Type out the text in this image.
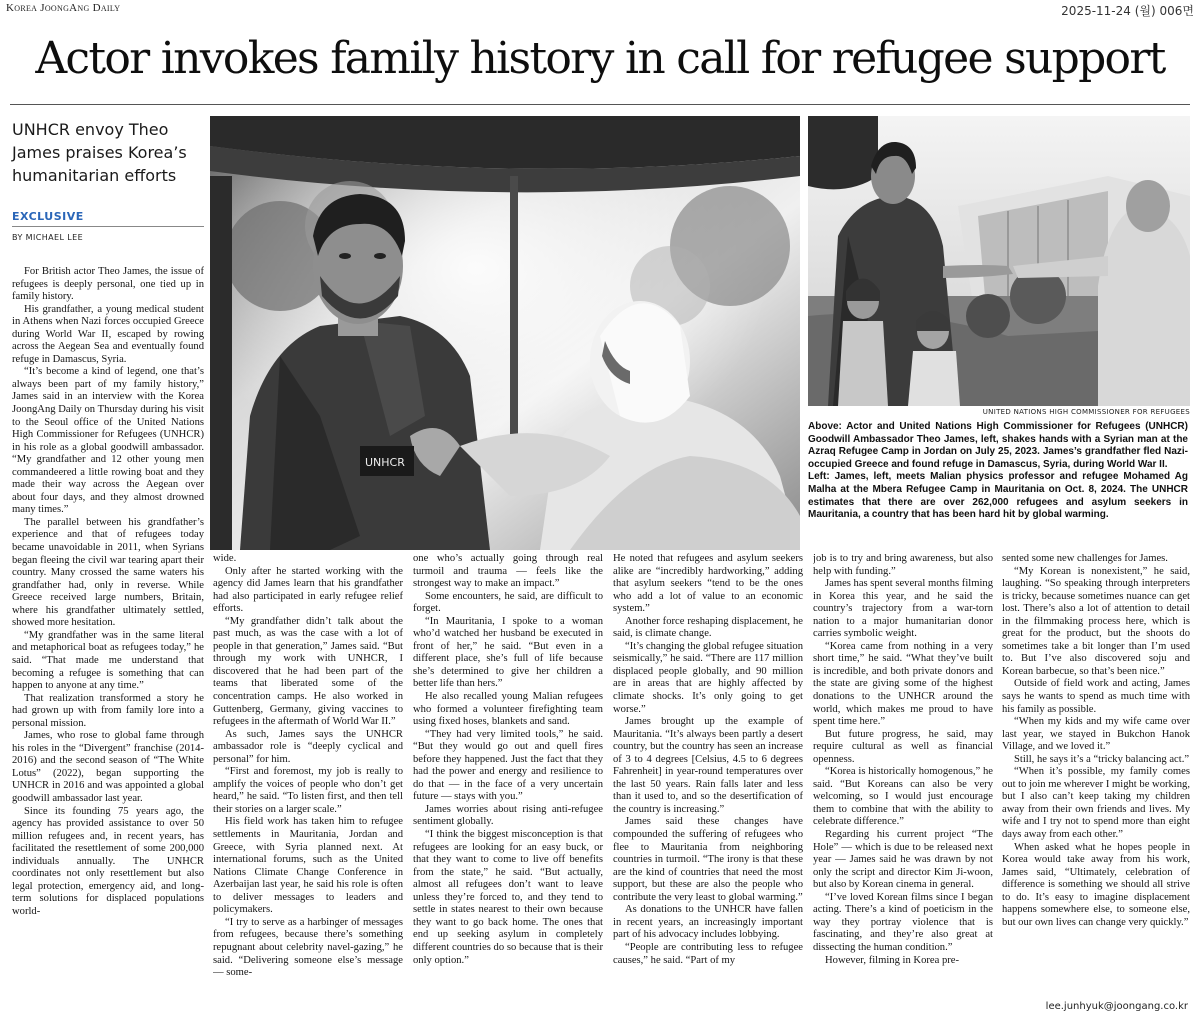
Korea JoongAng Daily	2025-11-24 (월) 006면
Actor invokes family history in call for refugee support
UNHCR envoy Theo James praises Korea’s humanitarian efforts
EXCLUSIVE
BY MICHAEL LEE

For British actor Theo James, the issue of refugees is deeply personal, one tied up in family history.

His grandfather, a young medical student in Athens when Nazi forces occupied Greece during World War II, escaped by rowing across the Aegean Sea and eventually found refuge in Damascus, Syria.

“It’s become a kind of legend, one that’s always been part of my family history,” James said in an interview with the Korea JoongAng Daily on Thursday during his visit to the Seoul office of the United Nations High Commissioner for Refugees (UNHCR) in his role as a global goodwill ambassador. “My grandfather and 12 other young men commandeered a little rowing boat and they made their way across the Aegean over about four days, and they almost drowned many times.”

The parallel between his grandfather’s experience and that of refugees today became unavoidable in 2011, when Syrians began fleeing the civil war tearing apart their country. Many crossed the same waters his grandfather had, only in reverse. While Greece received large numbers, Britain, where his grandfather ultimately settled, showed more hesitation.

“My grandfather was in the same literal and metaphorical boat as refugees today,” he said. “That made me understand that becoming a refugee is something that can happen to anyone at any time.”

That realization transformed a story he had grown up with from family lore into a personal mission.

James, who rose to global fame through his roles in the “Divergent” franchise (2014-2016) and the second season of “The White Lotus” (2022), began supporting the UNHCR in 2016 and was appointed a global goodwill ambassador last year.

Since its founding 75 years ago, the agency has provided assistance to over 50 million refugees and, in recent years, has facilitated the resettlement of some 200,000 individuals annually. The UNHCR coordinates not only resettlement but also legal protection, emergency aid, and long-term solutions for displaced populations world-

UNHCR
UNITED NATIONS HIGH COMMISSIONER FOR REFUGEES
Above: Actor and United Nations High Commissioner for Refugees (UNHCR) Goodwill Ambassador Theo James, left, shakes hands with a Syrian man at the Azraq Refugee Camp in Jordan on July 25, 2023. James’s grandfather fled Nazi-occupied Greece and found refuge in Damascus, Syria, during World War II.
Left: James, left, meets Malian physics professor and refugee Mohamed Ag Malha at the Mbera Refugee Camp in Mauritania on Oct. 8, 2024. The UNHCR estimates that there are over 262,000 refugees and asylum seekers in Mauritania, a country that has been hard hit by global warming.

wide.

Only after he started working with the agency did James learn that his grandfather had also participated in early refugee relief efforts.

“My grandfather didn’t talk about the past much, as was the case with a lot of people in that generation,” James said. “But through my work with UNHCR, I discovered that he had been part of the teams that liberated some of the concentration camps. He also worked in Guttenberg, Germany, giving vaccines to refugees in the aftermath of World War II.”

As such, James says the UNHCR ambassador role is “deeply cyclical and personal” for him.

“First and foremost, my job is really to amplify the voices of people who don’t get heard,” he said. “To listen first, and then tell their stories on a larger scale.”

His field work has taken him to refugee settlements in Mauritania, Jordan and Greece, with Syria planned next. At international forums, such as the United Nations Climate Change Conference in Azerbaijan last year, he said his role is often to deliver messages to leaders and policymakers.

“I try to serve as a harbinger of messages from refugees, because there’s something repugnant about celebrity navel-gazing,” he said. “Delivering someone else’s message — some-

one who’s actually going through real turmoil and trauma — feels like the strongest way to make an impact.”

Some encounters, he said, are difficult to forget.

“In Mauritania, I spoke to a woman who’d watched her husband be executed in front of her,” he said. “But even in a different place, she’s full of life because she’s determined to give her children a better life than hers.”

He also recalled young Malian refugees who formed a volunteer firefighting team using fixed hoses, blankets and sand.

“They had very limited tools,” he said. “But they would go out and quell fires before they happened. Just the fact that they had the power and energy and resilience to do that — in the face of a very uncertain future — stays with you.”

James worries about rising anti-refugee sentiment globally.

“I think the biggest misconception is that refugees are looking for an easy buck, or that they want to come to live off benefits from the state,” he said. “But actually, almost all refugees don’t want to leave unless they’re forced to, and they tend to settle in states nearest to their own because they want to go back home. The ones that end up seeking asylum in completely different countries do so because that is their only option.”

He noted that refugees and asylum seekers alike are “incredibly hardworking,” adding that asylum seekers “tend to be the ones who add a lot of value to an economic system.”

Another force reshaping displacement, he said, is climate change.

“It’s changing the global refugee situation seismically,” he said. “There are 117 million displaced people globally, and 90 million are in areas that are highly affected by climate shocks. It’s only going to get worse.”

James brought up the example of Mauritania. “It’s always been partly a desert country, but the country has seen an increase of 3 to 4 degrees [Celsius, 4.5 to 6 degrees Fahrenheit] in year-round temperatures over the last 50 years. Rain falls later and less than it used to, and so the desertification of the country is increasing.”

James said these changes have compounded the suffering of refugees who flee to Mauritania from neighboring countries in turmoil. “The irony is that these are the kind of countries that need the most support, but these are also the people who contribute the very least to global warming.”

As donations to the UNHCR have fallen in recent years, an increasingly important part of his advocacy includes lobbying.

“People are contributing less to refugee causes,” he said. “Part of my

job is to try and bring awareness, but also help with funding.”

James has spent several months filming in Korea this year, and he said the country’s trajectory from a war-torn nation to a major humanitarian donor carries symbolic weight.

“Korea came from nothing in a very short time,” he said. “What they’ve built is incredible, and both private donors and the state are giving some of the highest donations to the UNHCR around the world, which makes me proud to have spent time here.”

But future progress, he said, may require cultural as well as financial openness.

“Korea is historically homogenous,” he said. “But Koreans can also be very welcoming, so I would just encourage them to combine that with the ability to celebrate difference.”

Regarding his current project “The Hole” — which is due to be released next year — James said he was drawn by not only the script and director Kim Ji-woon, but also by Korean cinema in general.

“I’ve loved Korean films since I began acting. There’s a kind of poeticism in the way they portray violence that is fascinating, and they’re also great at dissecting the human condition.”

However, filming in Korea pre-

sented some new challenges for James.

“My Korean is nonexistent,” he said, laughing. “So speaking through interpreters is tricky, because sometimes nuance can get lost. There’s also a lot of attention to detail in the filmmaking process here, which is great for the product, but the shoots do sometimes take a bit longer than I’m used to. But I’ve also discovered soju and Korean barbecue, so that’s been nice.”

Outside of field work and acting, James says he wants to spend as much time with his family as possible.

“When my kids and my wife came over last year, we stayed in Bukchon Hanok Village, and we loved it.”

Still, he says it’s a “tricky balancing act.”

“When it’s possible, my family comes out to join me wherever I might be working, but I also can’t keep taking my children away from their own friends and lives. My wife and I try not to spend more than eight days away from each other.”

When asked what he hopes people in Korea would take away from his work, James said, “Ultimately, celebration of difference is something we should all strive to do. It’s easy to imagine displacement happens somewhere else, to someone else, but our own lives can change very quickly.”

lee.junhyuk@joongang.co.kr
